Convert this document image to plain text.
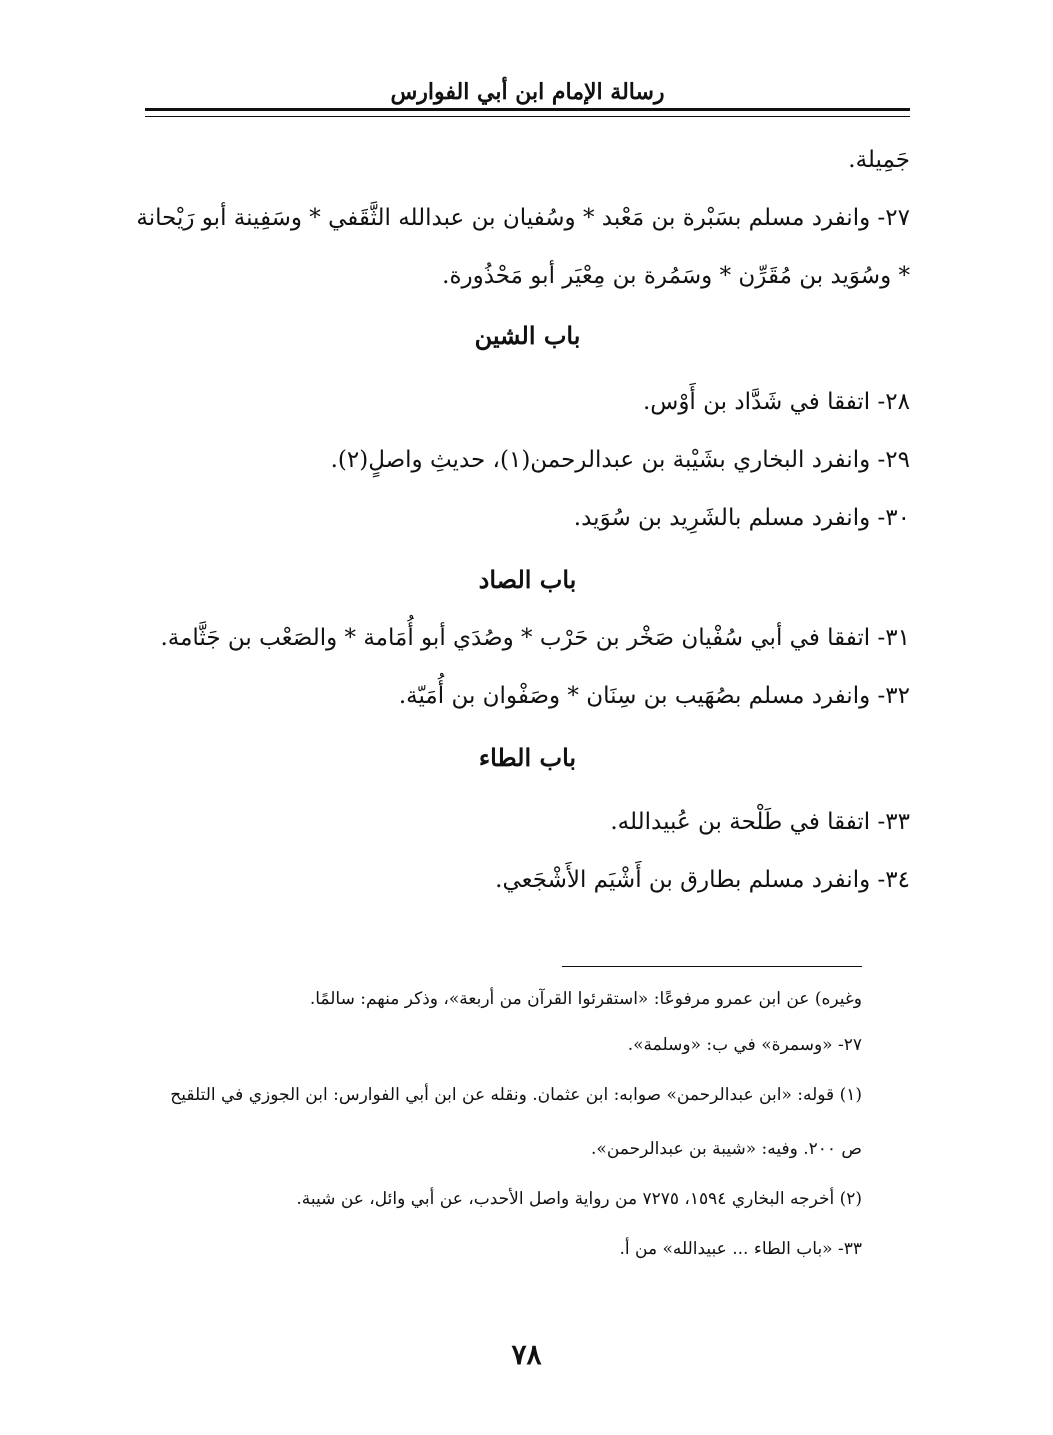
رسالة الإمام ابن أبي الفوارس
جَمِيلة.
٢٧- وانفرد مسلم بسَبْرة بن مَعْبد * وسُفيان بن عبدالله الثَّقَفي * وسَفِينة أبو رَيْحانة
* وسُوَيد بن مُقَرِّن * وسَمُرة بن مِعْيَر أبو مَحْذُورة.
باب الشين
٢٨- اتفقا في شَدَّاد بن أَوْس.
٢٩- وانفرد البخاري بشَيْبة بن عبدالرحمن(١)، حديثِ واصلٍ(٢).
٣٠- وانفرد مسلم بالشَرِيد بن سُوَيد.
باب الصاد
٣١- اتفقا في أبي سُفْيان صَخْر بن حَرْب * وصُدَي أبو أُمَامة * والصَعْب بن جَثَّامة.
٣٢- وانفرد مسلم بصُهَيب بن سِنَان * وصَفْوان بن أُمَيّة.
باب الطاء
٣٣- اتفقا في طَلْحة بن عُبيدالله.
٣٤- وانفرد مسلم بطارق بن أَشْيَم الأَشْجَعي.
وغيره) عن ابن عمرو مرفوعًا: «استقرئوا القرآن من أربعة»، وذكر منهم: سالمًا.
٢٧- «وسمرة» في ب: «وسلمة».
(١) قوله: «ابن عبدالرحمن» صوابه: ابن عثمان. ونقله عن ابن أبي الفوارس: ابن الجوزي في التلقيح
ص ٢٠٠. وفيه: «شيبة بن عبدالرحمن».
(٢) أخرجه البخاري ١٥٩٤، ٧٢٧٥ من رواية واصل الأحدب، عن أبي وائل، عن شيبة.
٣٣- «باب الطاء ... عبيدالله» من أ.
٧٨
